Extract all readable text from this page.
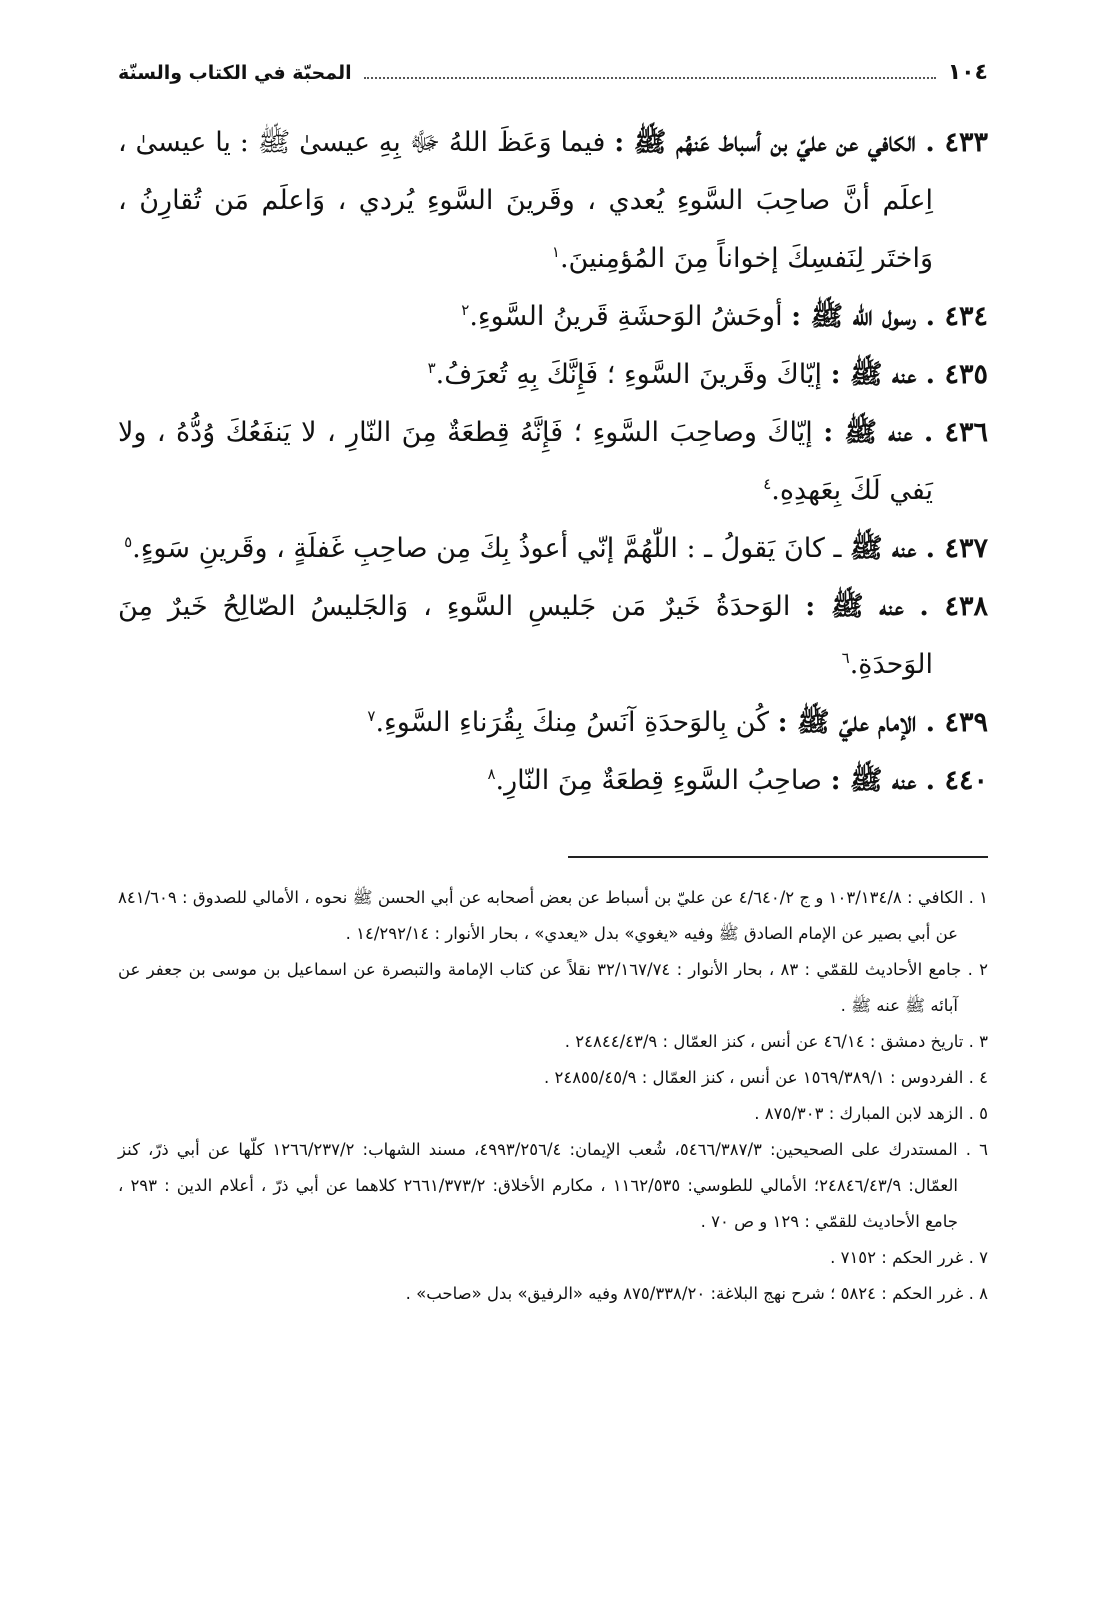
١٠٤
المحبّة في الكتاب والسنّة

٤٣٣ . الكافي عن عليّ بن أسباط عَنهُم ﷺ : فيما وَعَظَ اللهُ ﷻ بِهِ عيسىٰ ﷺ : يا عيسىٰ ، اِعلَم أنَّ صاحِبَ السَّوءِ يُعدي ، وقَرينَ السَّوءِ يُردي ، وَاعلَم مَن تُقارِنُ ، وَاختَر لِنَفسِكَ إخواناً مِنَ المُؤمِنينَ.$^١$

٤٣٤ . رسول الله ﷺ : أوحَشُ الوَحشَةِ قَرينُ السَّوءِ.$^٢$

٤٣٥ . عنه ﷺ : إيّاكَ وقَرينَ السَّوءِ ؛ فَإِنَّكَ بِهِ تُعرَفُ.$^٣$

٤٣٦ . عنه ﷺ : إيّاكَ وصاحِبَ السَّوءِ ؛ فَإِنَّهُ قِطعَةٌ مِنَ النّارِ ، لا يَنفَعُكَ وُدُّهُ ، ولا يَفي لَكَ بِعَهدِهِ.$^٤$

٤٣٧ . عنه ﷺ ـ كانَ يَقولُ ـ : اللّٰهُمَّ إنّي أعوذُ بِكَ مِن صاحِبِ غَفلَةٍ ، وقَرينِ سَوءٍ.$^٥$

٤٣٨ . عنه ﷺ : الوَحدَةُ خَيرٌ مَن جَليسِ السَّوءِ ، وَالجَليسُ الصّالِحُ خَيرٌ مِنَ الوَحدَةِ.$^٦$

٤٣٩ . الإمام عليّ ﷺ : كُن بِالوَحدَةِ آنَسُ مِنكَ بِقُرَناءِ السَّوءِ.$^٧$

٤٤٠ . عنه ﷺ : صاحِبُ السَّوءِ قِطعَةٌ مِنَ النّارِ.$^٨$

١ . الكافي : ١٠٣/١٣٤/٨ و ج ٤/٦٤٠/٢ عن عليّ بن أسباط عن بعض أصحابه عن أبي الحسن ﷺ نحوه ، الأمالي للصدوق : ٨٤١/٦٠٩ عن أبي بصير عن الإمام الصادق ﷺ وفيه «يغوي» بدل «يعدي» ، بحار الأنوار : ١٤/٢٩٢/١٤ .

٢ . جامع الأحاديث للقمّي : ٨٣ ، بحار الأنوار : ٣٢/١٦٧/٧٤ نقلاً عن كتاب الإمامة والتبصرة عن اسماعيل بن موسى بن جعفر عن آبائه ﷺ عنه ﷺ .

٣ . تاريخ دمشق : ٤٦/١٤ عن أنس ، كنز العمّال : ٢٤٨٤٤/٤٣/٩ .

٤ . الفردوس : ١٥٦٩/٣٨٩/١ عن أنس ، كنز العمّال : ٢٤٨٥٥/٤٥/٩ .

٥ . الزهد لابن المبارك : ٨٧٥/٣٠٣ .

٦ . المستدرك على الصحيحين: ٥٤٦٦/٣٨٧/٣، شُعب الإيمان: ٤٩٩٣/٢٥٦/٤، مسند الشهاب: ١٢٦٦/٢٣٧/٢ كلّها عن أبي ذرّ، كنز العمّال: ٢٤٨٤٦/٤٣/٩؛ الأمالي للطوسي: ١١٦٢/٥٣٥ ، مكارم الأخلاق: ٢٦٦١/٣٧٣/٢ كلاهما عن أبي ذرّ ، أعلام الدين : ٢٩٣ ، جامع الأحاديث للقمّي : ١٢٩ و ص ٧٠ .

٧ . غرر الحكم : ٧١٥٢ .

٨ . غرر الحكم : ٥٨٢٤ ؛ شرح نهج البلاغة: ٨٧٥/٣٣٨/٢٠ وفيه «الرفيق» بدل «صاحب» .
